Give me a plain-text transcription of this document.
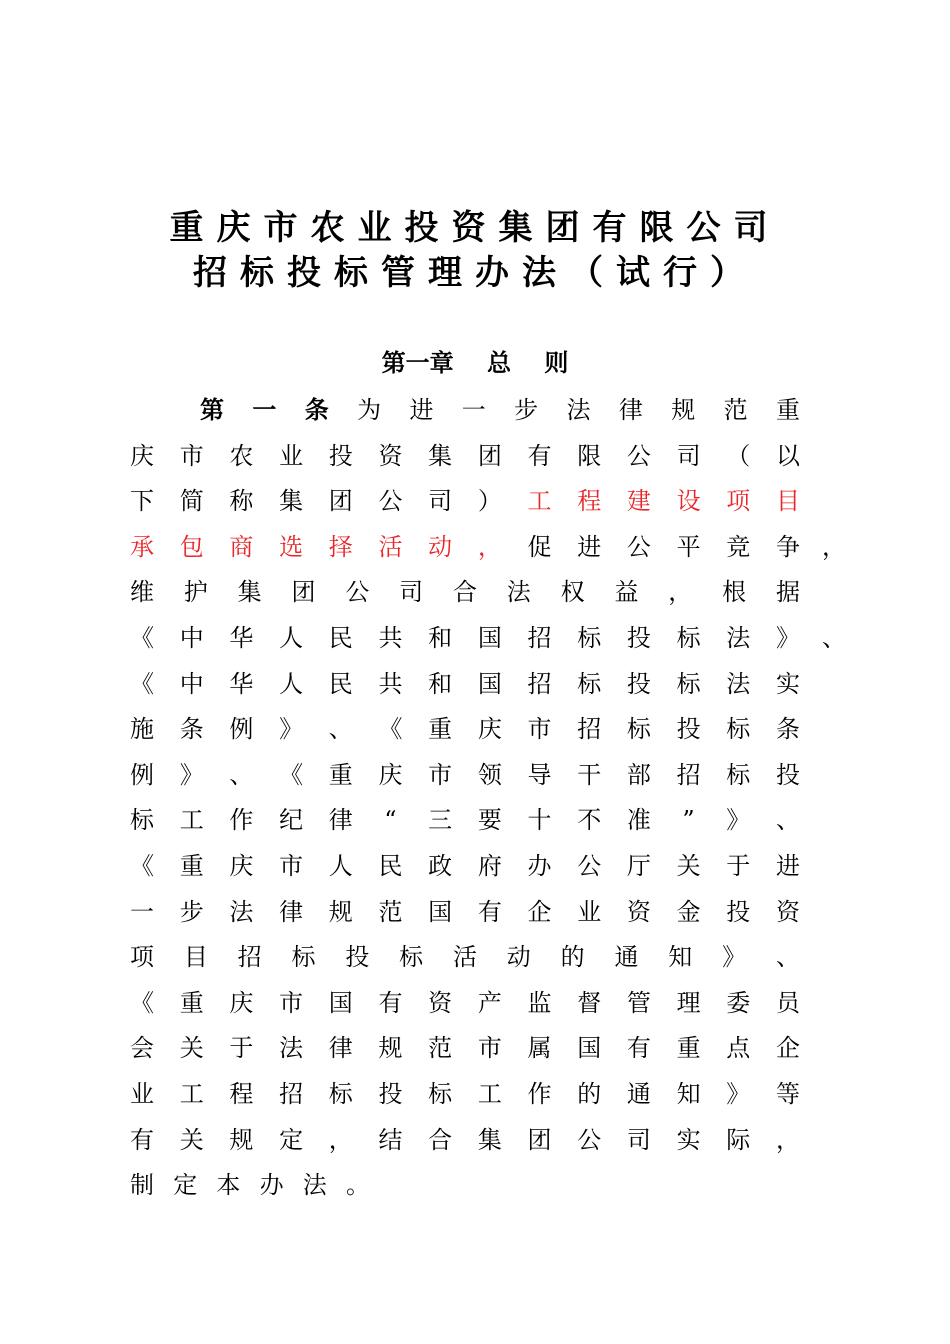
重庆市农业投资集团有限公司
招标投标管理办法（试行）
第一章    总    则
第 一 条 为 进 一 步 法 律 规 范 重
庆 市 农 业 投 资 集 团 有 限 公 司 （ 以
下 简 称 集 团 公 司 ） 工 程 建 设 项 目
承 包 商 选 择 活 动 ， 促 进 公 平 竞 争 ，
维 护 集 团 公 司 合 法 权 益 ， 根 据
《 中 华 人 民 共 和 国 招 标 投 标 法 》 、
《 中 华 人 民 共 和 国 招 标 投 标 法 实
施 条 例 》 、 《 重 庆 市 招 标 投 标 条
例 》 、 《 重 庆 市 领 导 干 部 招 标 投
标 工 作 纪 律 “ 三 要 十 不 准 ” 》 、
《 重 庆 市 人 民 政 府 办 公 厅 关 于 进
一 步 法 律 规 范 国 有 企 业 资 金 投 资
项 目 招 标 投 标 活 动 的 通 知 》 、
《 重 庆 市 国 有 资 产 监 督 管 理 委 员
会 关 于 法 律 规 范 市 属 国 有 重 点 企
业 工 程 招 标 投 标 工 作 的 通 知 》 等
有 关 规 定 ， 结 合 集 团 公 司 实 际 ，
制 定 本 办 法 。
